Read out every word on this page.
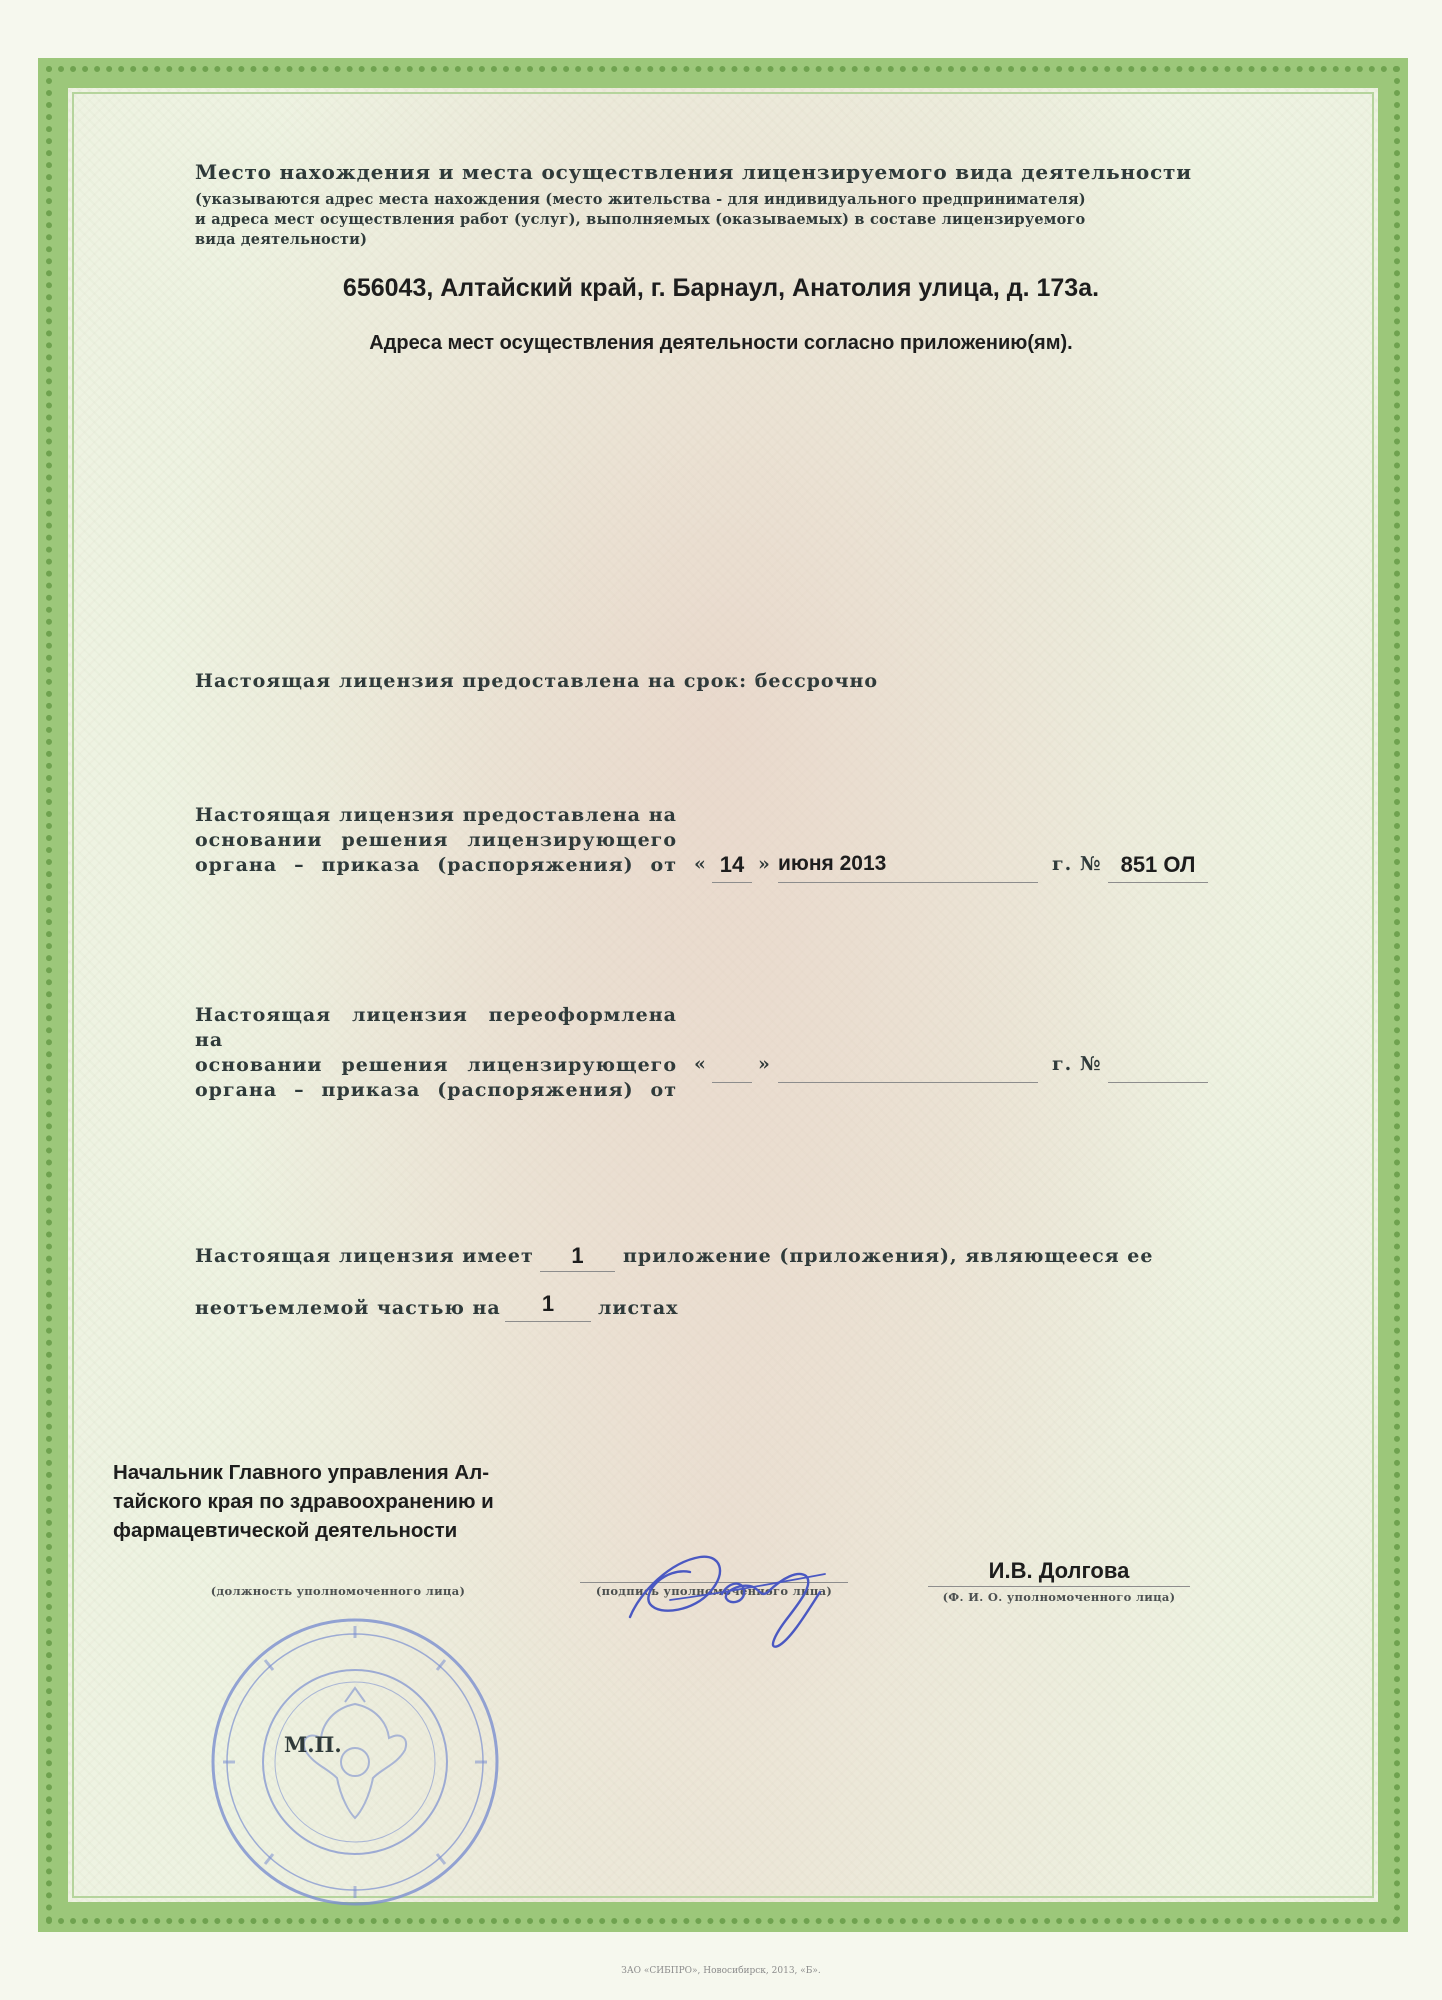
Место нахождения и места осуществления лицензируемого вида деятельности
(указываются адрес места нахождения (место жительства - для индивидуального предпринимателя)
и адреса мест осуществления работ (услуг), выполняемых (оказываемых) в составе лицензируемого
вида деятельности)
656043, Алтайский край, г. Барнаул, Анатолия улица, д. 173а.
Адреса мест осуществления деятельности согласно приложению(ям).
Настоящая лицензия предоставлена на срок: бессрочно
Настоящая лицензия предоставлена на
основании решения лицензирующего
органа – приказа (распоряжения) от « 14 » июня 2013	г. № 851 ОЛ
Настоящая лицензия переоформлена на
основании решения лицензирующего
органа – приказа (распоряжения) от
«	»	г. №
Настоящая лицензия имеет	1	приложение (приложения), являющееся ее
неотъемлемой частью на	1	листах
Начальник Главного управления Ал-
тайского края по здравоохранению и
фармацевтической деятельности
(должность уполномоченного лица)	(подпись уполномоченного лица)
И.В. Долгова
(Ф. И. О. уполномоченного лица)
М.П.
ЗАО «СИБПРО», Новосибирск, 2013, «Б».
